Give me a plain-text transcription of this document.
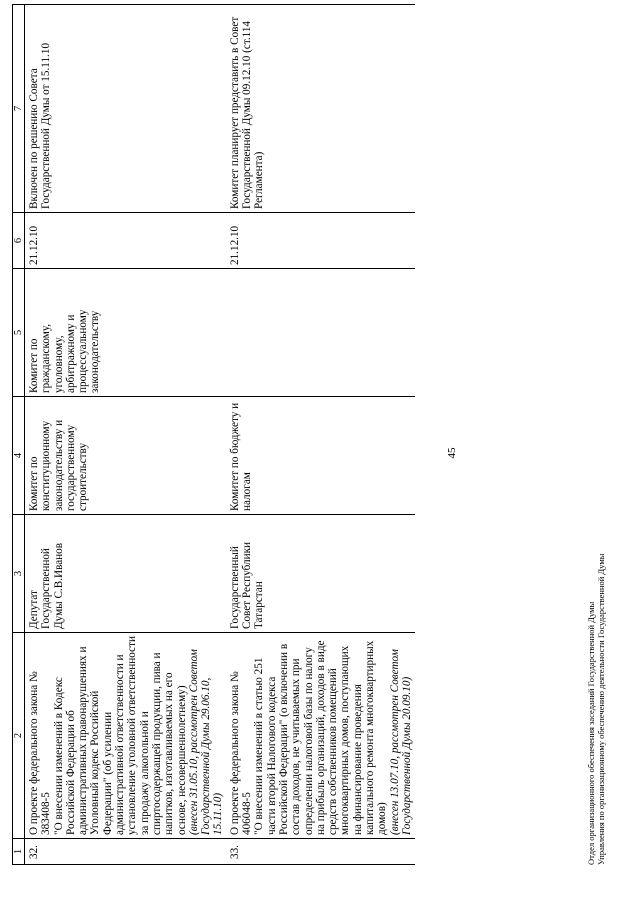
45
1	2	3	4	5	6	7
32.	О проекте федерального закона № 383408-5 "О внесении изменений в Кодекс Российской Федерации об административных правонарушениях и Уголовный кодекс Российской Федерации" (об усилении административной ответственности и установление уголовной ответственности за продажу алкогольной и спиртосодержащей продукции, пива и напитков, изготавливаемых на его основе, несовершеннолетнему) (внесен 31.05.10, рассмотрен Советом Государственной Думы 29.06.10, 15.11.10)	Депутат Государственной Думы С.В.Иванов	Комитет по конституционному законодательству и государственному строительству	Комитет по гражданскому, уголовному, арбитражному и процессуальному законодательству	21.12.10	Включен по решению Совета Государственной Думы от 15.11.10
33.	О проекте федерального закона № 406048-5 "О внесении изменений в статью 251 части второй Налогового кодекса Российской Федерации" (о включении в состав доходов, не учитываемых при определении налоговой базы по налогу на прибыль организаций, доходов в виде средств собственников помещений многоквартирных домов, поступающих на финансирование проведения капитального ремонта многоквартирных домов) (внесен 13.07.10, рассмотрен Советом Государственной Думы 20.09.10)	Государственный Совет Республики Татарстан	Комитет по бюджету и налогам		21.12.10	Комитет планирует представить в Совет Государственной Думы 09.12.10 (ст.114 Регламента)
Отдел организационного обеспечения заседаний Государственной Думы Управления по организационному обеспечению деятельности Государственной Думы
